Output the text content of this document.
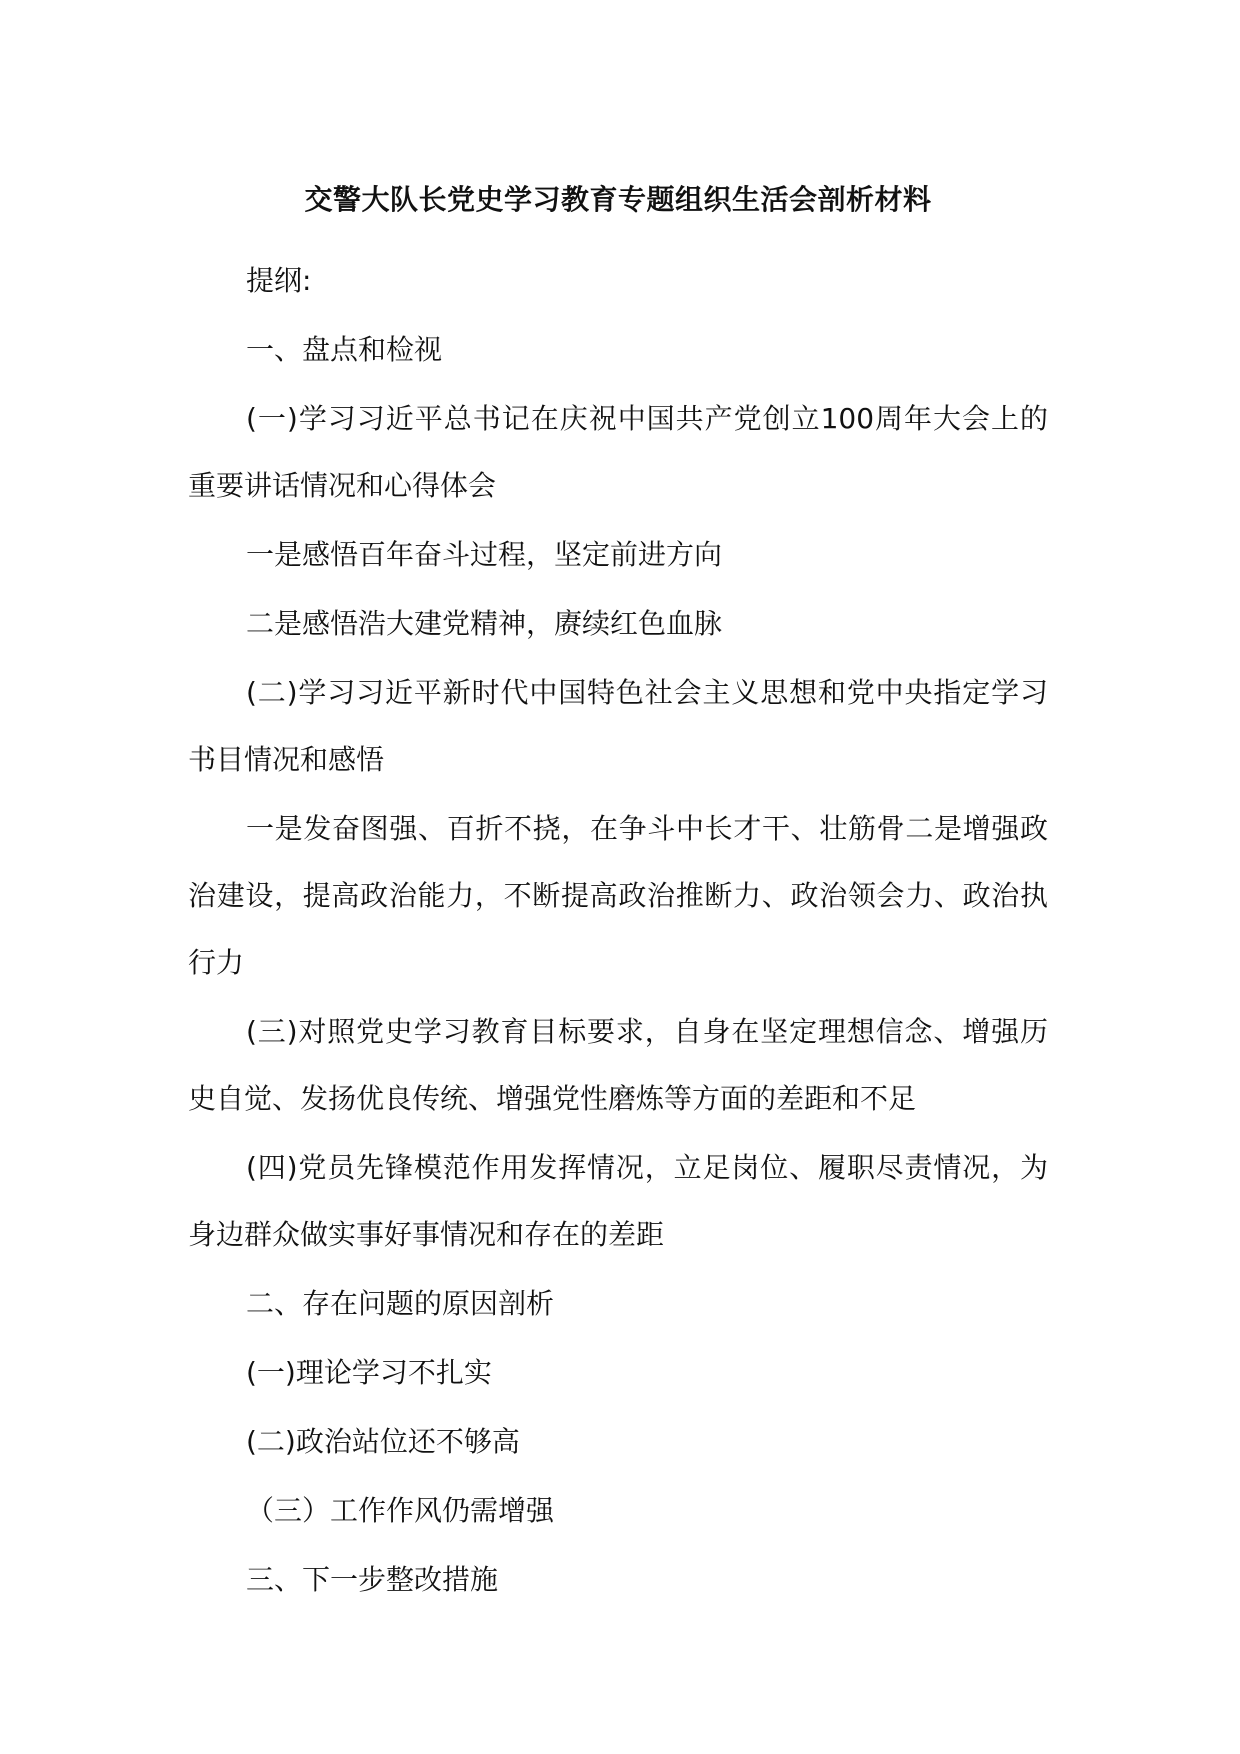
交警大队长党史学习教育专题组织生活会剖析材料

提纲:

一、盘点和检视

(一)学习习近平总书记在庆祝中国共产党创立100周年大会上的重要讲话情况和心得体会

一是感悟百年奋斗过程，坚定前进方向

二是感悟浩大建党精神，赓续红色血脉

(二)学习习近平新时代中国特色社会主义思想和党中央指定学习书目情况和感悟

一是发奋图强、百折不挠，在争斗中长才干、壮筋骨二是增强政治建设，提高政治能力，不断提高政治推断力、政治领会力、政治执行力

(三)对照党史学习教育目标要求，自身在坚定理想信念、增强历史自觉、发扬优良传统、增强党性磨炼等方面的差距和不足

(四)党员先锋模范作用发挥情况，立足岗位、履职尽责情况，为身边群众做实事好事情况和存在的差距

二、存在问题的原因剖析

(一)理论学习不扎实

(二)政治站位还不够高

（三）工作作风仍需增强

三、下一步整改措施
